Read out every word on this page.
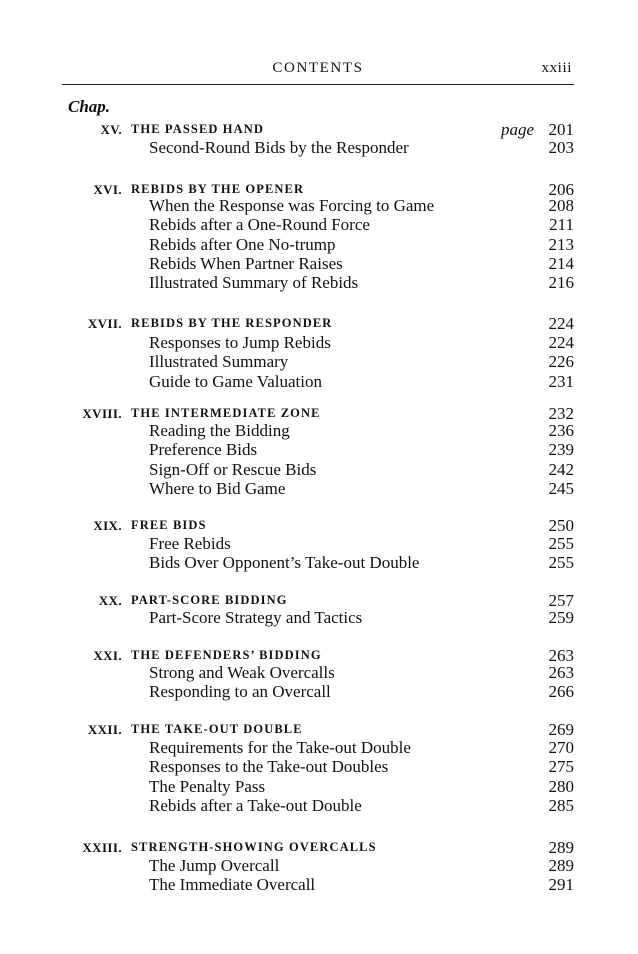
CONTENTS	xxiii
Chap.
XV. THE PASSED HAND	page 201
Second-Round Bids by the Responder	203
XVI. REBIDS BY THE OPENER	206
When the Response was Forcing to Game	208
Rebids after a One-Round Force	211
Rebids after One No-trump	213
Rebids When Partner Raises	214
Illustrated Summary of Rebids	216
XVII. REBIDS BY THE RESPONDER	224
Responses to Jump Rebids	224
Illustrated Summary	226
Guide to Game Valuation	231
XVIII. THE INTERMEDIATE ZONE	232
Reading the Bidding	236
Preference Bids	239
Sign-Off or Rescue Bids	242
Where to Bid Game	245
XIX. FREE BIDS	250
Free Rebids	255
Bids Over Opponent’s Take-out Double	255
XX. PART-SCORE BIDDING	257
Part-Score Strategy and Tactics	259
XXI. THE DEFENDERS’ BIDDING	263
Strong and Weak Overcalls	263
Responding to an Overcall	266
XXII. THE TAKE-OUT DOUBLE	269
Requirements for the Take-out Double	270
Responses to the Take-out Doubles	275
The Penalty Pass	280
Rebids after a Take-out Double	285
XXIII. STRENGTH-SHOWING OVERCALLS	289
The Jump Overcall	289
The Immediate Overcall	291
